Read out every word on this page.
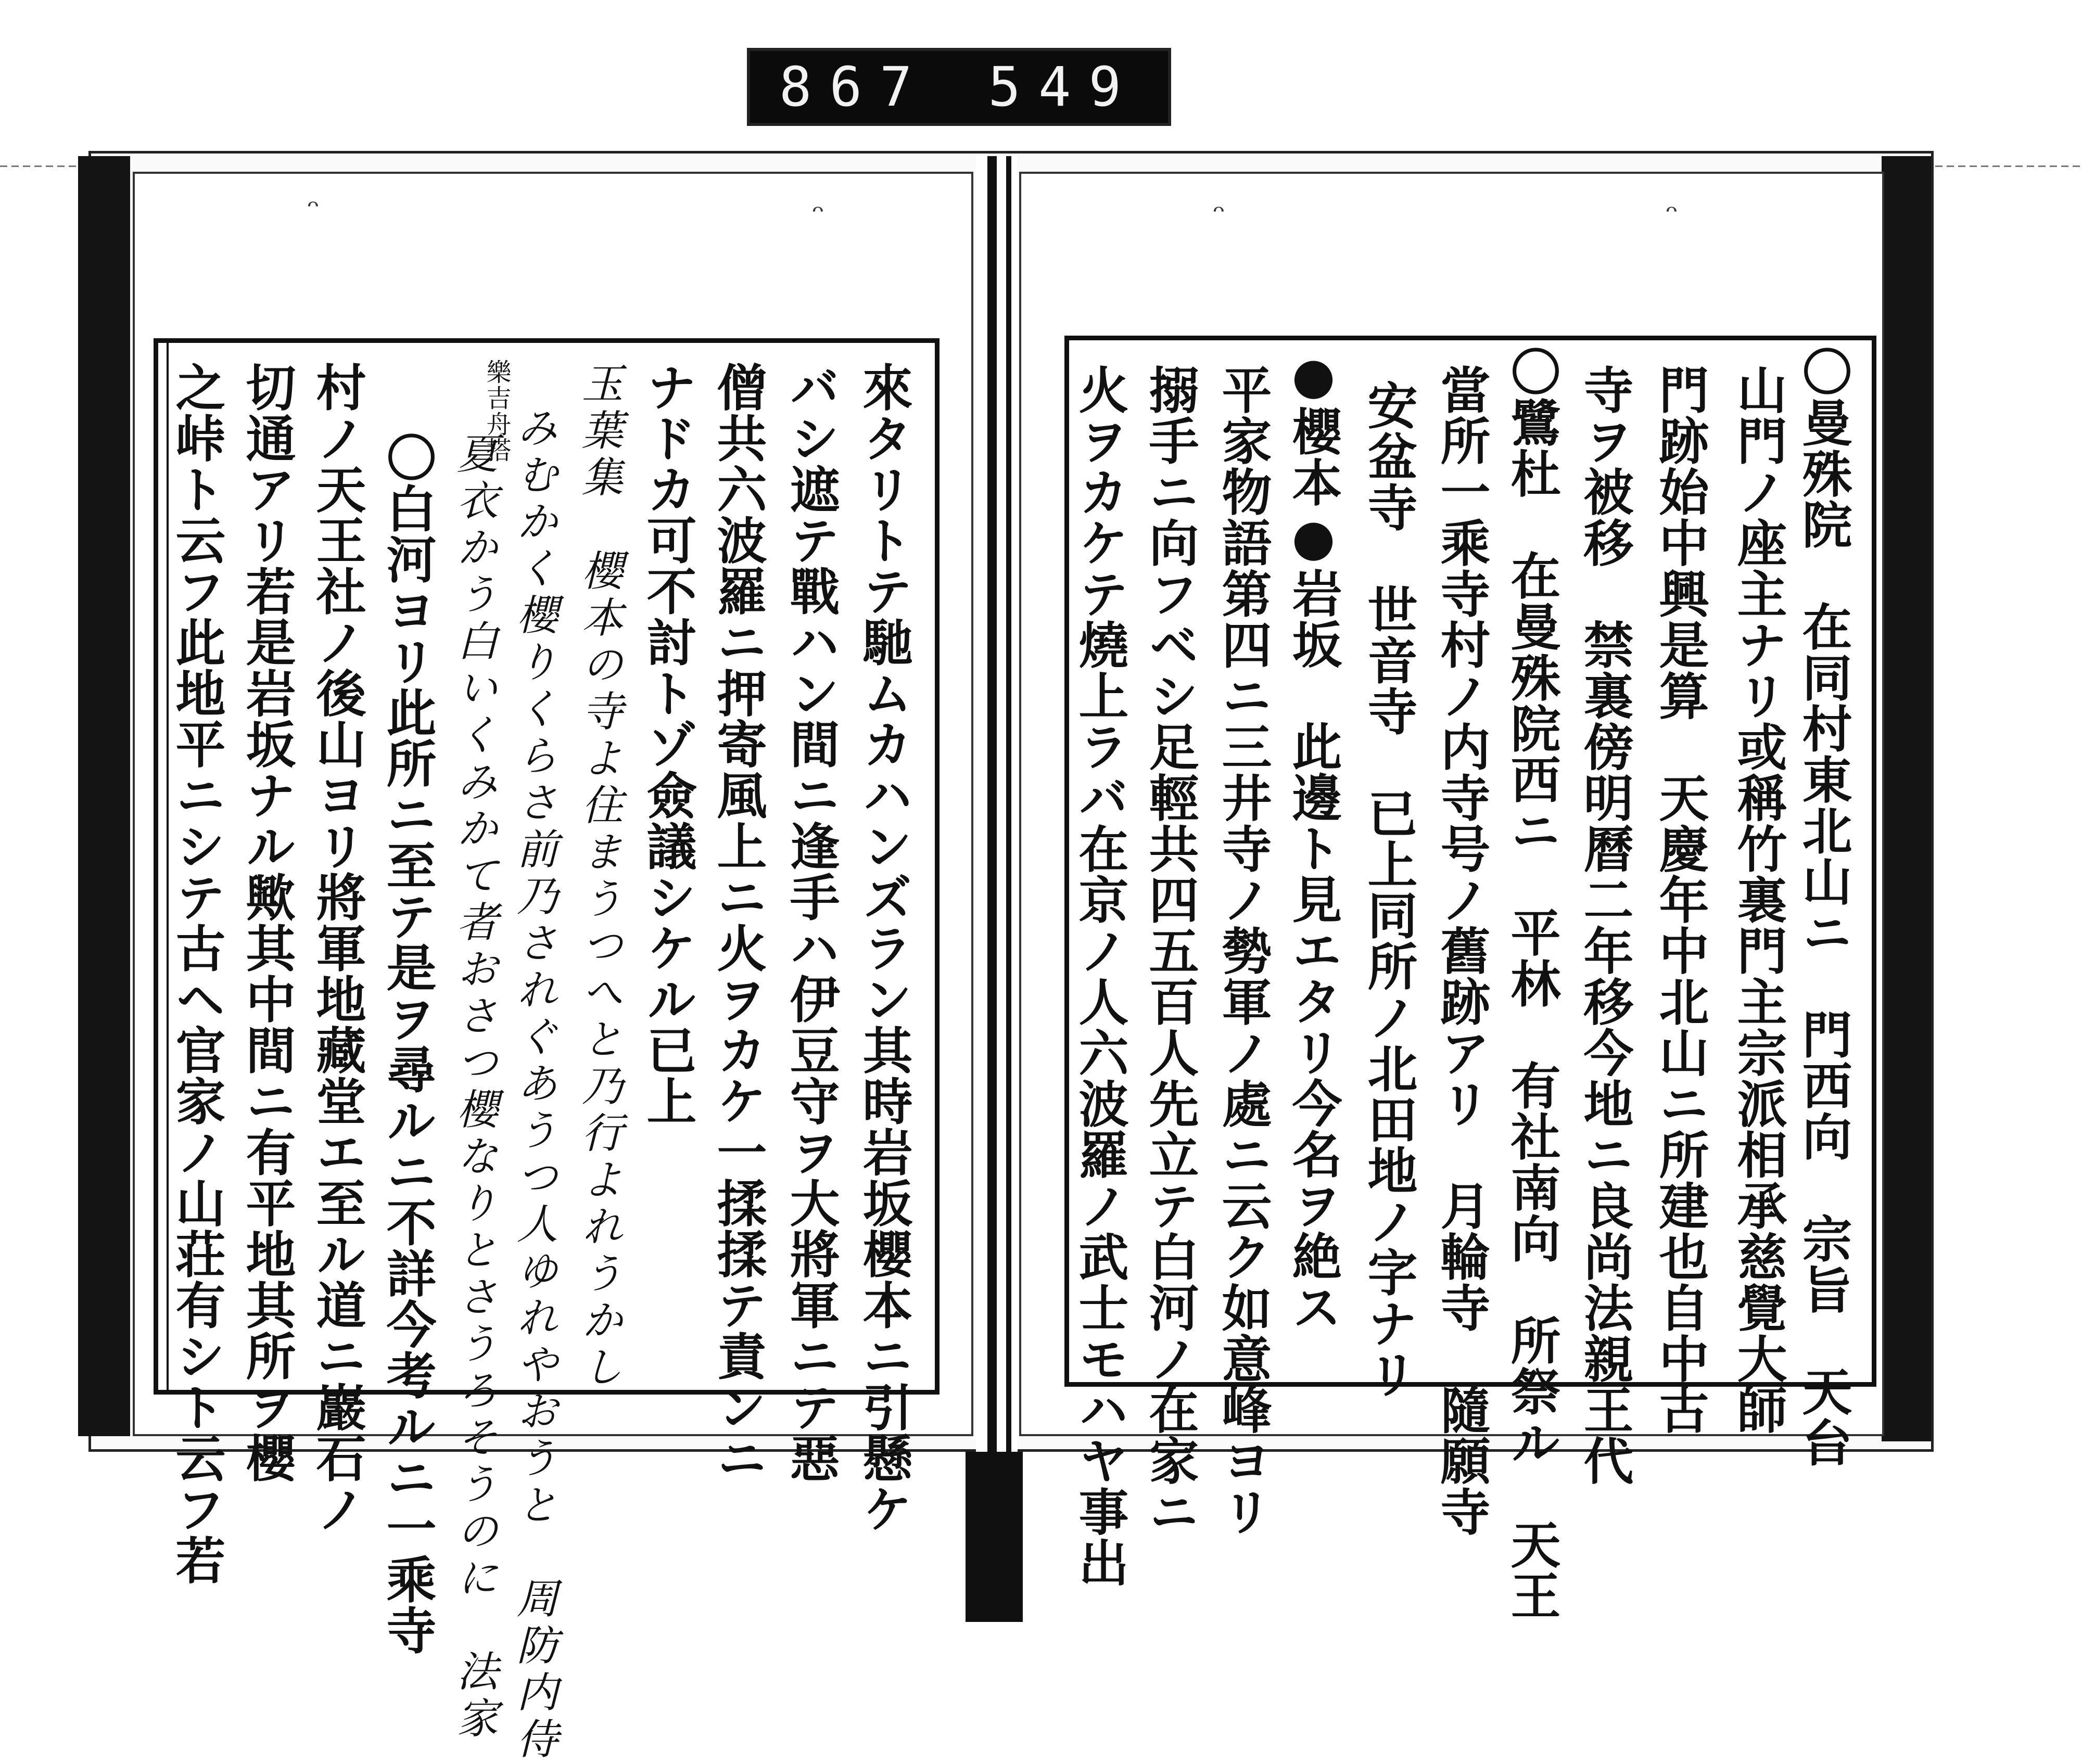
867 549
ᵔ	ᵔ	ᵔ	ᵔ
〇曼殊院　在同村東北山ニ　門西向　宗旨　天台
山門ノ座主ナリ或稱竹裏門主宗派相承慈覺大師
門跡始中興是算　天慶年中北山ニ所建也自中古
寺ヲ被移　禁裏傍明曆二年移今地ニ良尚法親王代
〇鷺杜　在曼殊院西ニ　平林　有社南向　所祭ル　天王
當所一乘寺村ノ内寺号ノ舊跡アリ　月輪寺　隨願寺
安盆寺　世音寺　已上同所ノ北田地ノ字ナリ
●櫻本●岩坂　此邊ト見エタリ今名ヲ絶ス
平家物語第四ニ三井寺ノ勢軍ノ處ニ云ク如意峰ヨリ
搦手ニ向フベシ足輕共四五百人先立テ白河ノ在家ニ
火ヲカケテ燒上ラバ在京ノ人六波羅ノ武士モハヤ事出
來タリトテ馳ムカハンズラン其時岩坂櫻本ニ引懸ケ
バシ遮テ戰ハン間ニ逢手ハ伊豆守ヲ大將軍ニテ惡
僧共六波羅ニ押寄風上ニ火ヲカケ一揉揉テ責ンニ
ナドカ可不討トゾ僉議シケル已上
玉葉集　櫻本の寺よ住まうつへと乃行よれうかし
みむかく櫻りくらさ前乃されぐあうつ人ゆれやおうと　周防内侍
夏衣かう白いくみかて者おさつ櫻なりとさうろそうのに　法家
樂吉舟搭
〇白河ヨリ此所ニ至テ是ヲ尋ルニ不詳今考ルニ一乘寺
村ノ天王社ノ後山ヨリ將軍地藏堂エ至ル道ニ巖石ノ
切通アリ若是岩坂ナル歟其中間ニ有平地其所ヲ櫻
之峠ト云フ此地平ニシテ古ヘ官家ノ山荘有シト云フ若
